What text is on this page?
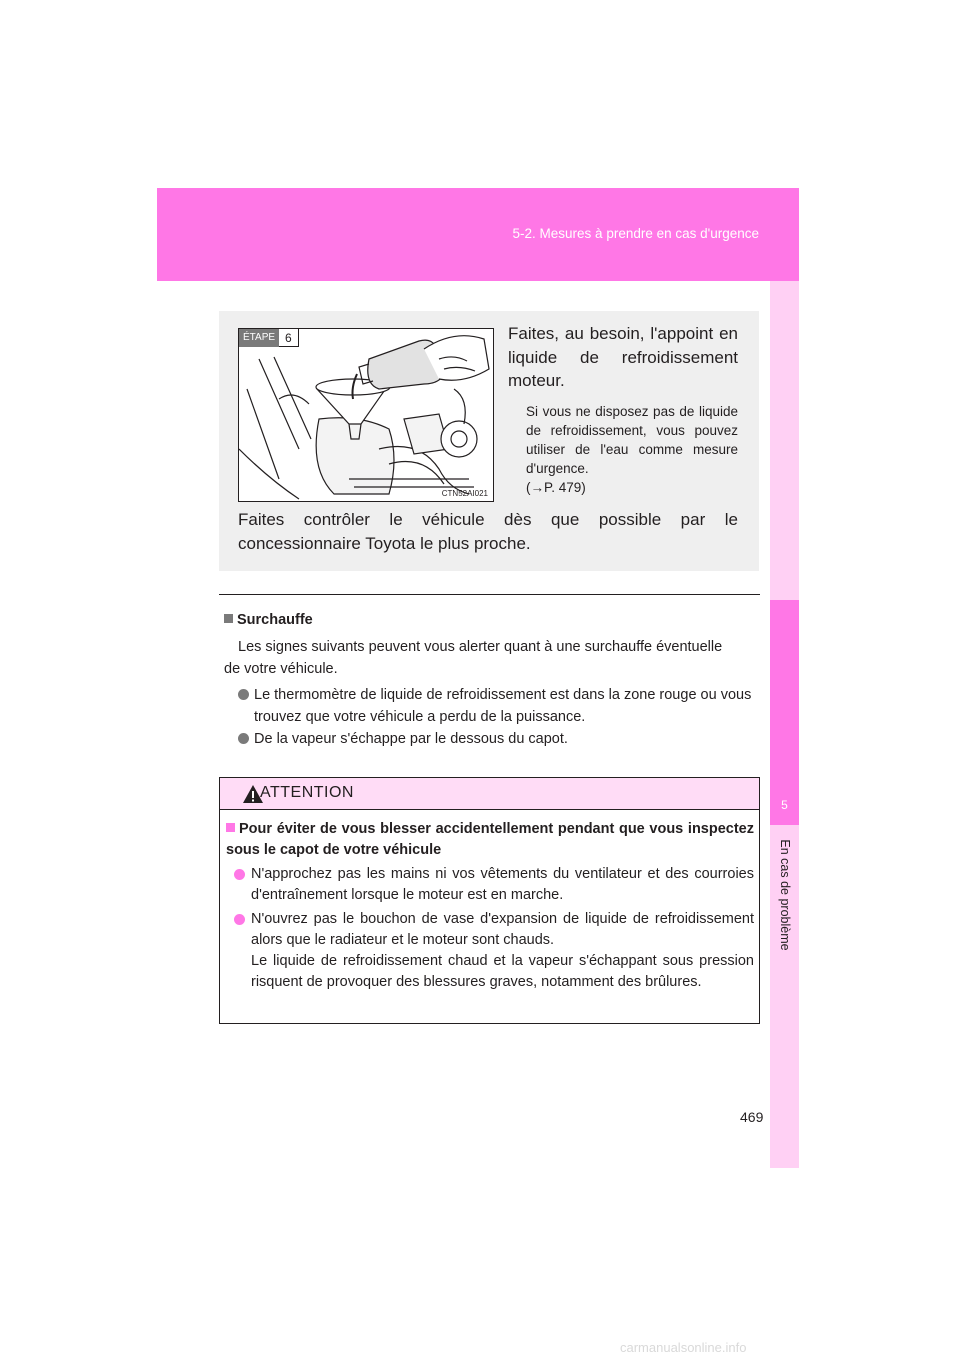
5-2. Mesures à prendre en cas d'urgence
5
En cas de problème
ÉTAPE 6
CTN52AI021
Faites, au besoin, l'appoint en liquide de refroidissement moteur.
Si vous ne disposez pas de liquide de refroidissement, vous pouvez utiliser de l'eau comme mesure d'urgence.
(→P. 479)
Faites contrôler le véhicule dès que possible par le
concessionnaire Toyota le plus proche.
Surchauffe
Les signes suivants peuvent vous alerter quant à une surchauffe éventuelle
de votre véhicule.
Le thermomètre de liquide de refroidissement est dans la zone rouge ou vous trouvez que votre véhicule a perdu de la puissance.
De la vapeur s'échappe par le dessous du capot.
ATTENTION
Pour éviter de vous blesser accidentellement pendant que vous inspectez sous le capot de votre véhicule
N'approchez pas les mains ni vos vêtements du ventilateur et des courroies d'entraînement lorsque le moteur est en marche.
N'ouvrez pas le bouchon de vase d'expansion de liquide de refroidissement alors que le radiateur et le moteur sont chauds.
Le liquide de refroidissement chaud et la vapeur s'échappant sous pression risquent de provoquer des blessures graves, notamment des brûlures.
469
carmanualsonline.info
